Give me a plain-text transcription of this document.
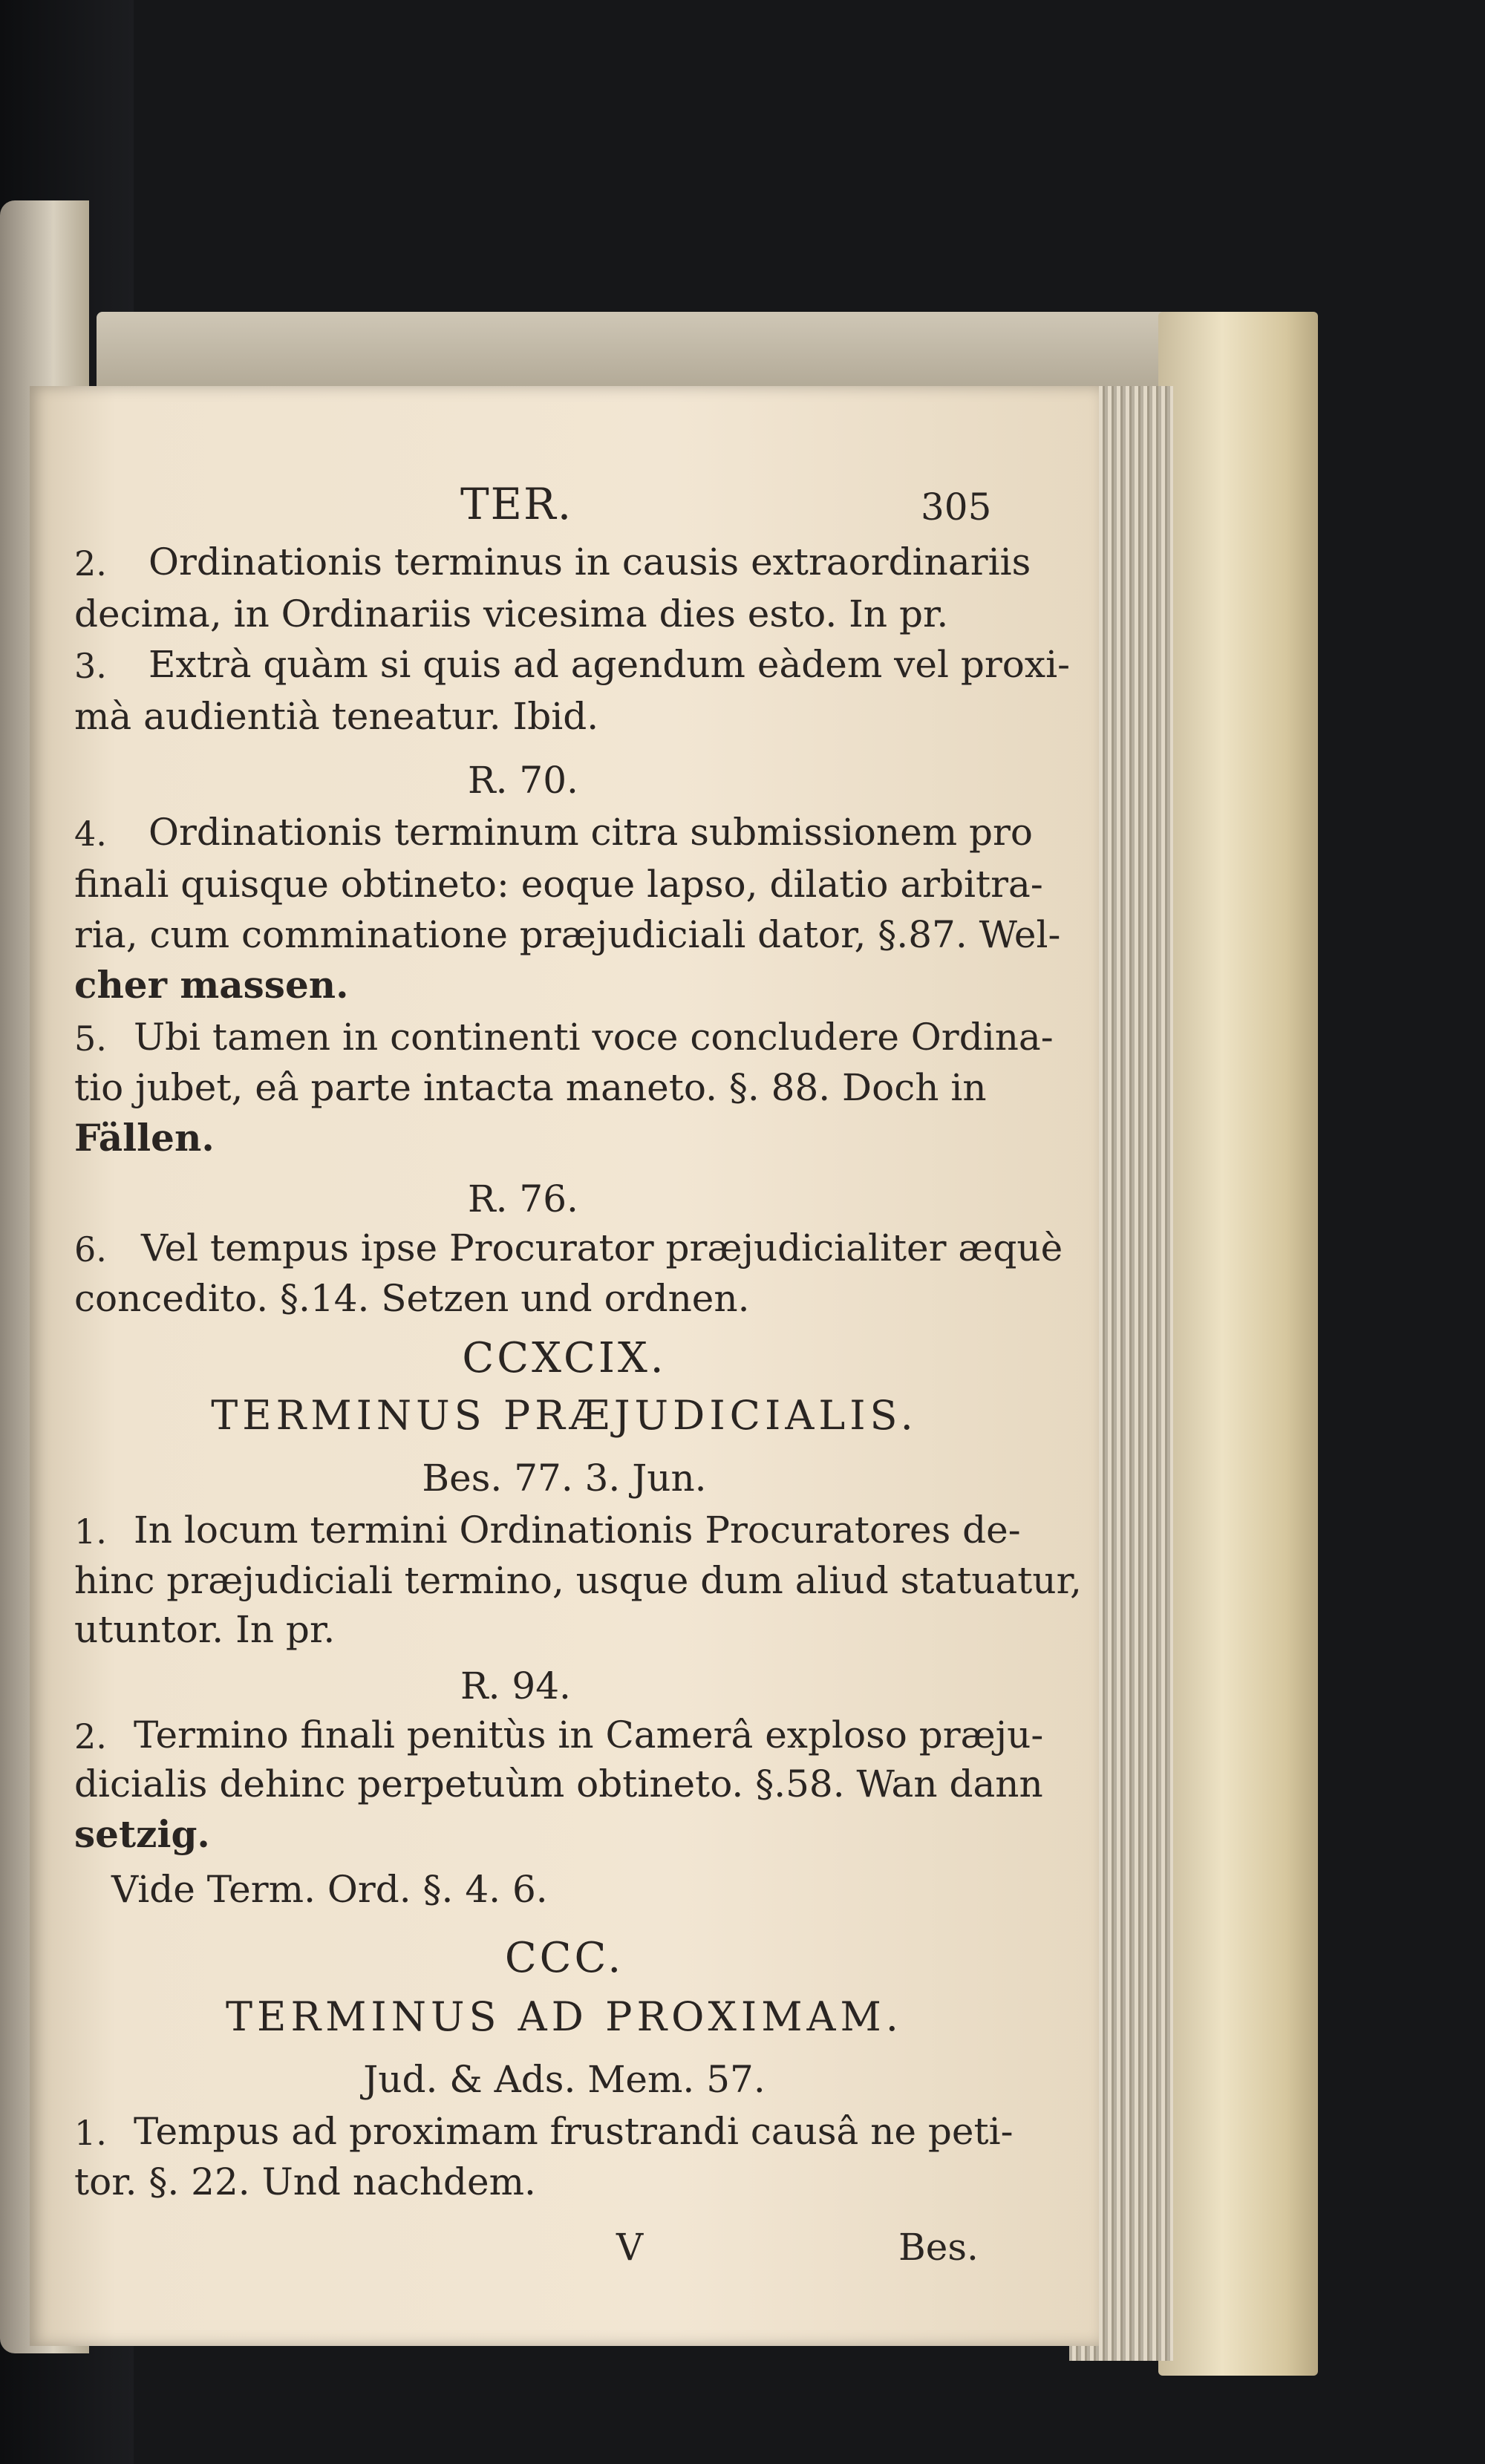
TER.	305
2. Ordinationis terminus in causis extraordinariis
decima, in Ordinariis vicesima dies esto. In pr.
3. Extrà quàm si quis ad agendum eàdem vel proxi-
mà audientià teneatur. Ibid.
R. 70.
4. Ordinationis terminum citra submissionem pro
finali quisque obtineto: eoque lapso, dilatio arbitra-
ria, cum comminatione præjudiciali dator, §.87. Wel-
cher massen.
5. Ubi tamen in continenti voce concludere Ordina-
tio jubet, eâ parte intacta maneto. §. 88. Doch in
Fällen.
R. 76.
6. Vel tempus ipse Procurator præjudicialiter æquè
concedito. §.14. Setzen und ordnen.
CCXCIX.
TERMINUS PRÆJUDICIALIS.
Bes. 77. 3. Jun.
1. In locum termini Ordinationis Procuratores de-
hinc præjudiciali termino, usque dum aliud statuatur,
utuntor. In pr.
R. 94.
2. Termino finali penitùs in Camerâ exploso præju-
dicialis dehinc perpetuùm obtineto. §.58. Wan dann
setzig.
Vide Term. Ord. §. 4. 6.
CCC.
TERMINUS AD PROXIMAM.
Jud. & Ads. Mem. 57.
1. Tempus ad proximam frustrandi causâ ne peti-
tor. §. 22. Und nachdem.
V	Bes.
